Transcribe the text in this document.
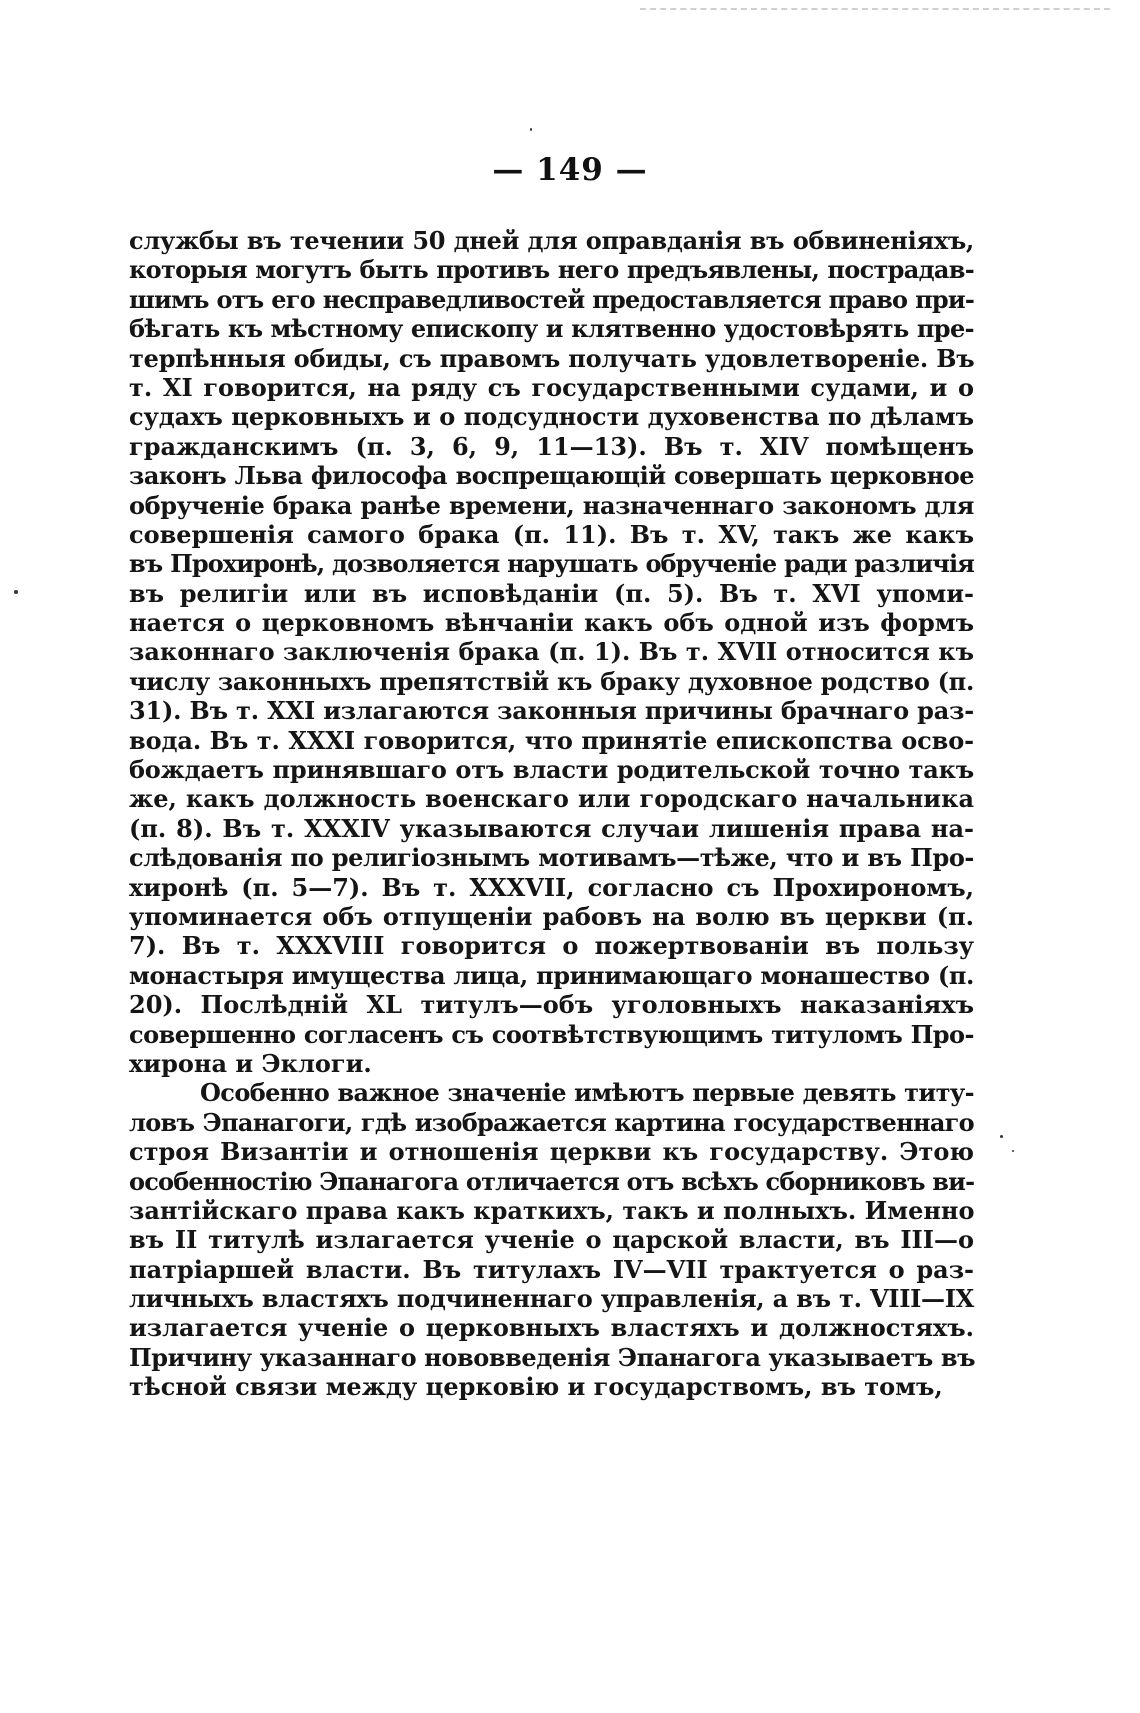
— 149 —
службы въ течении 50 дней для оправданія въ обвиненіяхъ,
которыя могутъ быть противъ него предъявлены, пострадав-
шимъ отъ его несправедливостей предоставляется право при-
бѣгать къ мѣстному епископу и клятвенно удостовѣрять пре-
терпѣнныя обиды, съ правомъ получать удовлетвореніе. Въ
т. XI говорится, на ряду съ государственными судами, и о
судахъ церковныхъ и о подсудности духовенства по дѣламъ
гражданскимъ (п. 3, 6, 9, 11—13). Въ т. XIV помѣщенъ
законъ Льва философа воспрещающій совершать церковное
обрученіе брака ранѣе времени, назначеннаго закономъ для
совершенія самого брака (п. 11). Въ т. XV, такъ же какъ
въ Прохиронѣ, дозволяется нарушать обрученіе ради различія
въ религіи или въ исповѣданіи (п. 5). Въ т. XVI упоми-
нается о церковномъ вѣнчаніи какъ объ одной изъ формъ
законнаго заключенія брака (п. 1). Въ т. XVII относится къ
числу законныхъ препятствій къ браку духовное родство (п.
31). Въ т. XXI излагаются законныя причины брачнаго раз-
вода. Въ т. XXXI говорится, что принятіе епископства осво-
бождаетъ принявшаго отъ власти родительской точно такъ
же, какъ должность военскаго или городскаго начальника
(п. 8). Въ т. XXXIV указываются случаи лишенія права на-
слѣдованія по религіознымъ мотивамъ—тѣже, что и въ Про-
хиронѣ (п. 5—7). Въ т. XXXVII, согласно съ Прохирономъ,
упоминается объ отпущеніи рабовъ на волю въ церкви (п.
7). Въ т. XXXVIII говорится о пожертвованіи въ пользу
монастыря имущества лица, принимающаго монашество (п.
20). Послѣдній XL титулъ—объ уголовныхъ наказаніяхъ
совершенно согласенъ съ соотвѣтствующимъ титуломъ Про-
хирона и Эклоги.
Особенно важное значеніе имѣютъ первые девять титу-
ловъ Эпанагоги, гдѣ изображается картина государственнаго
строя Византіи и отношенія церкви къ государству. Этою
особенностію Эпанагога отличается отъ всѣхъ сборниковъ ви-
зантійскаго права какъ краткихъ, такъ и полныхъ. Именно
въ II титулѣ излагается ученіе о царской власти, въ III—о
патріаршей власти. Въ титулахъ IV—VII трактуется о раз-
личныхъ властяхъ подчиненнаго управленія, а въ т. VIII—IX
излагается ученіе о церковныхъ властяхъ и должностяхъ.
Причину указаннаго нововведенія Эпанагога указываетъ въ
тѣсной связи между церковію и государствомъ, въ томъ,
